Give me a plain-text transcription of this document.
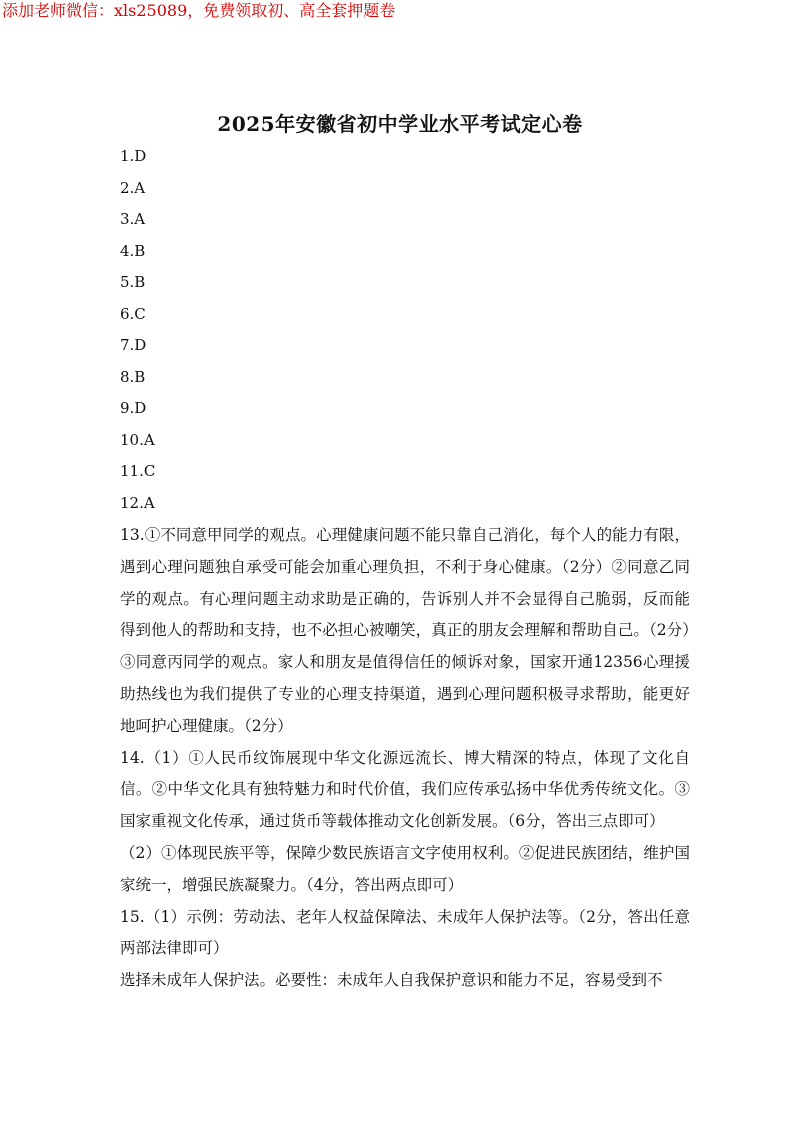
添加老师微信：xls25089，免费领取初、高全套押题卷
2025年安徽省初中学业水平考试定心卷
1.D
2.A
3.A
4.B
5.B
6.C
7.D
8.B
9.D
10.A
11.C
12.A

13.①不同意甲同学的观点。心理健康问题不能只靠自己消化，每个人的能力有限，遇到心理问题独自承受可能会加重心理负担，不利于身心健康。（2分）②同意乙同学的观点。有心理问题主动求助是正确的，告诉别人并不会显得自己脆弱，反而能得到他人的帮助和支持，也不必担心被嘲笑，真正的朋友会理解和帮助自己。（2分）③同意丙同学的观点。家人和朋友是值得信任的倾诉对象，国家开通12356心理援助热线也为我们提供了专业的心理支持渠道，遇到心理问题积极寻求帮助，能更好地呵护心理健康。（2分）

14.（1）①人民币纹饰展现中华文化源远流长、博大精深的特点，体现了文化自信。②中华文化具有独特魅力和时代价值，我们应传承弘扬中华优秀传统文化。③国家重视文化传承，通过货币等载体推动文化创新发展。（6分，答出三点即可）

（2）①体现民族平等，保障少数民族语言文字使用权利。②促进民族团结，维护国家统一，增强民族凝聚力。（4分，答出两点即可）

15.（1）示例：劳动法、老年人权益保障法、未成年人保护法等。（2分，答出任意两部法律即可）

选择未成年人保护法。必要性：未成年人自我保护意识和能力不足，容易受到不
